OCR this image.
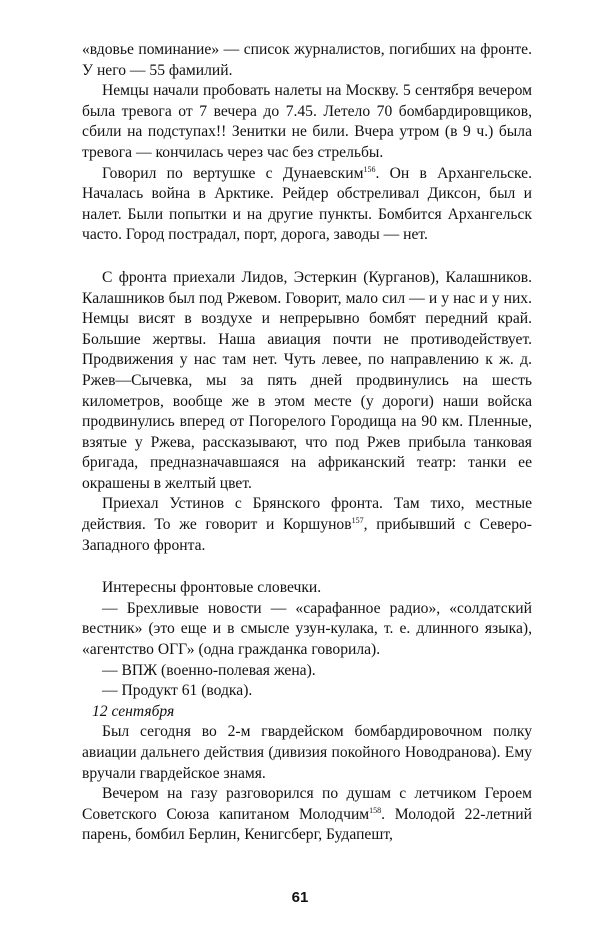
«вдовье поминание» — список журналистов, погибших на фронте. У него — 55 фамилий.

Немцы начали пробовать налеты на Москву. 5 сентября вечером была тревога от 7 вечера до 7.45. Летело 70 бомбардировщиков, сбили на подступах!! Зенитки не били. Вчера утром (в 9 ч.) была тревога — кончилась через час без стрельбы.

Говорил по вертушке с Дунаевским$^{156}$. Он в Архангельске. Началась война в Арктике. Рейдер обстреливал Диксон, был и налет. Были попытки и на другие пункты. Бомбится Архангельск часто. Город пострадал, порт, дорога, заводы — нет.

С фронта приехали Лидов, Эстеркин (Курганов), Калашников. Калашников был под Ржевом. Говорит, мало сил — и у нас и у них. Немцы висят в воздухе и непрерывно бомбят передний край. Большие жертвы. Наша авиация почти не противодействует. Продвижения у нас там нет. Чуть левее, по направлению к ж. д. Ржев—Сычевка, мы за пять дней продвинулись на шесть километров, вообще же в этом месте (у дороги) наши войска продвинулись вперед от Погорелого Городища на 90 км. Пленные, взятые у Ржева, рассказывают, что под Ржев прибыла танковая бригада, предназначавшаяся на африканский театр: танки ее окрашены в желтый цвет.

Приехал Устинов с Брянского фронта. Там тихо, местные действия. То же говорит и Коршунов$^{157}$, прибывший с Северо-Западного фронта.

Интересны фронтовые словечки.

— Брехливые новости — «сарафанное радио», «солдатский вестник» (это еще и в смысле узун-кулака, т. е. длинного языка), «агентство ОГГ» (одна гражданка говорила).

— ВПЖ (военно-полевая жена).

— Продукт 61 (водка).

12 сентября

Был сегодня во 2-м гвардейском бомбардировочном полку авиации дальнего действия (дивизия покойного Новодранова). Ему вручали гвардейское знамя.

Вечером на газу разговорился по душам с летчиком Героем Советского Союза капитаном Молодчим$^{158}$. Молодой 22-летний парень, бомбил Берлин, Кенигсберг, Будапешт,

61
